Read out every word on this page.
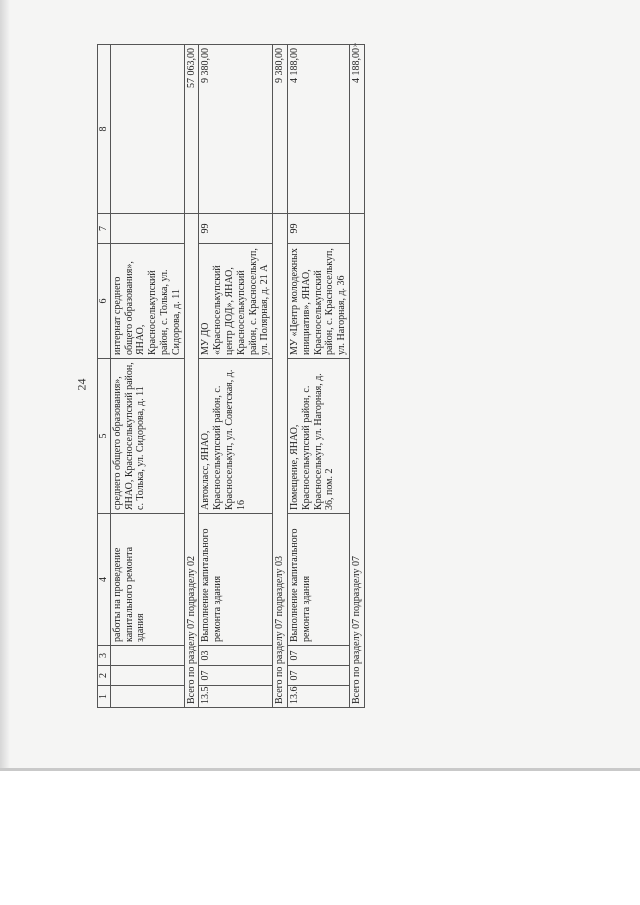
24
»
1	2	3	4	5	6	7	8
			работы на проведение капитального ремонта здания	среднего общего образования», ЯНАО, Красноселькупский район, с. Толька, ул. Сидорова, д. 11	интернат среднего общего образования», ЯНАО, Красноселькупский район, с. Толька, ул. Сидорова, д. 11		
Всего по разделу 07 подразделу 02							57 063,00
13.5	07	03	Выполнение капитального ремонта здания	Автокласс, ЯНАО, Красноселькупский район, с. Красноселькуп, ул. Советская, д. 16	МУ ДО «Красноселькупский центр ДОД», ЯНАО, Красноселькупский район, с. Красноселькуп, ул. Полярная, д. 21 А	99	9 380,00
Всего по разделу 07 подразделу 03							9 380,00
13.6	07	07	Выполнение капитального ремонта здания	Помещение, ЯНАО, Красноселькупский район, с. Красноселькуп, ул. Нагорная, д. 36, пом. 2	МУ «Центр молодежных инициатив», ЯНАО, Красноселькупский район, с. Красноселькуп, ул. Нагорная, д. 36	99	4 188,00
Всего по разделу 07 подразделу 07							4 188,00
